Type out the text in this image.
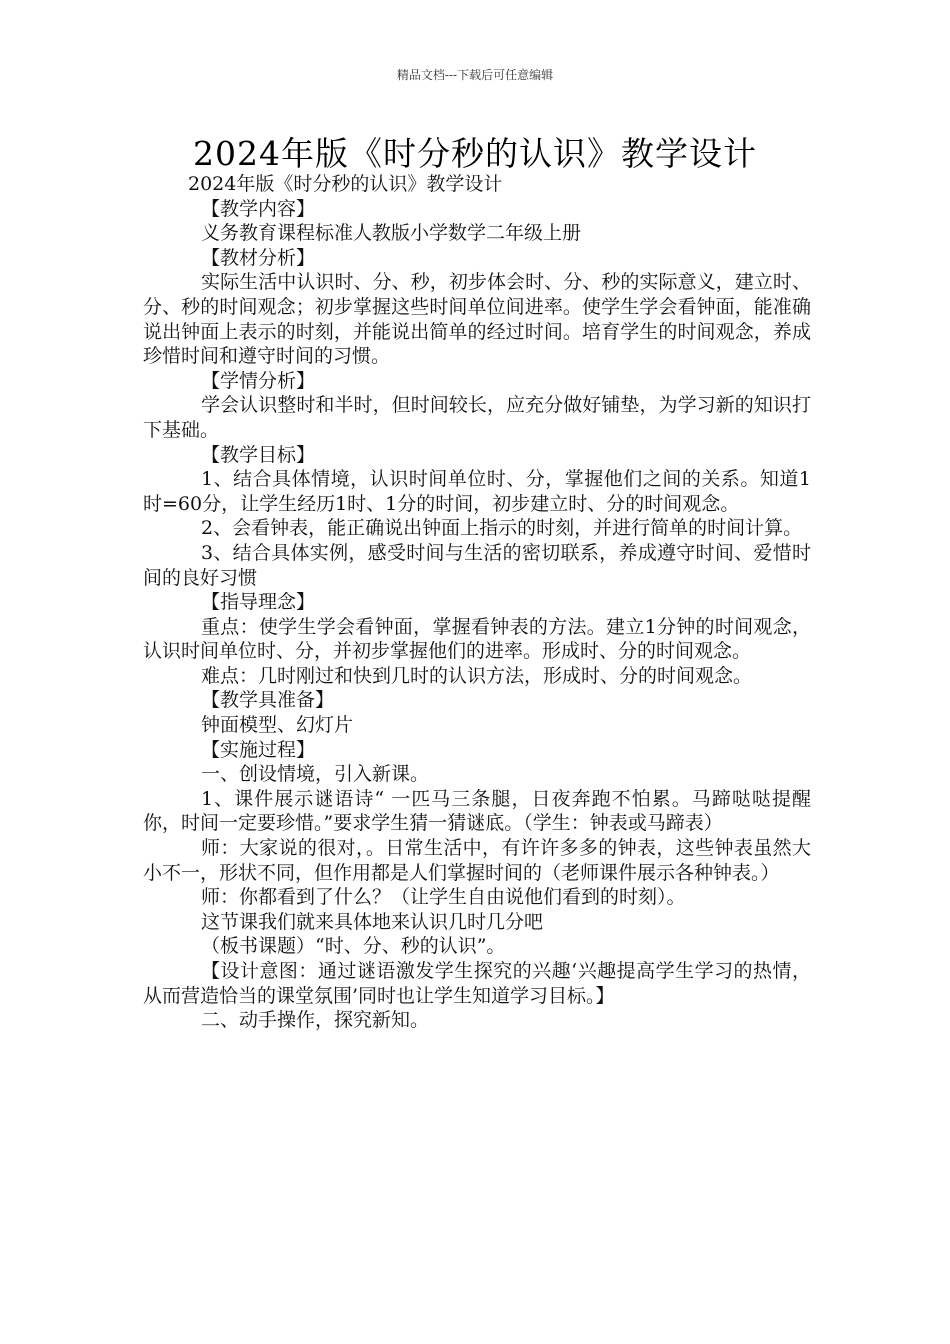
精品文档---下载后可任意编辑
2024年版《时分秒的认识》教学设计

2024年版《时分秒的认识》教学设计

【教学内容】

义务教育课程标准人教版小学数学二年级上册

【教材分析】

实际生活中认识时、分、秒，初步体会时、分、秒的实际意义，建立时、分、秒的时间观念；初步掌握这些时间单位间进率。使学生学会看钟面，能准确说出钟面上表示的时刻，并能说出简单的经过时间。培育学生的时间观念，养成珍惜时间和遵守时间的习惯。

【学情分析】

学会认识整时和半时，但时间较长，应充分做好铺垫，为学习新的知识打下基础。

【教学目标】

1、结合具体情境，认识时间单位时、分，掌握他们之间的关系。知道1时=60分，让学生经历1时、1分的时间，初步建立时、分的时间观念。

2、会看钟表，能正确说出钟面上指示的时刻，并进行简单的时间计算。

3、结合具体实例，感受时间与生活的密切联系，养成遵守时间、爱惜时间的良好习惯

【指导理念】

重点：使学生学会看钟面，掌握看钟表的方法。建立1分钟的时间观念，认识时间单位时、分，并初步掌握他们的进率。形成时、分的时间观念。

难点：几时刚过和快到几时的认识方法，形成时、分的时间观念。

【教学具准备】

钟面模型、幻灯片

【实施过程】

一、创设情境，引入新课。

1、课件展示谜语诗“ 一匹马三条腿，日夜奔跑不怕累。马蹄哒哒提醒你，时间一定要珍惜。”要求学生猜一猜谜底。（学生：钟表或马蹄表）

师：大家说的很对，。日常生活中，有许许多多的钟表，这些钟表虽然大小不一，形状不同，但作用都是人们掌握时间的（老师课件展示各种钟表。）

师：你都看到了什么？（让学生自由说他们看到的时刻）。

这节课我们就来具体地来认识几时几分吧

（板书课题）“时、分、秒的认识”。

【设计意图：通过谜语激发学生探究的兴趣‘兴趣提高学生学习的热情，从而营造恰当的课堂氛围’同时也让学生知道学习目标。】

二、动手操作，探究新知。
